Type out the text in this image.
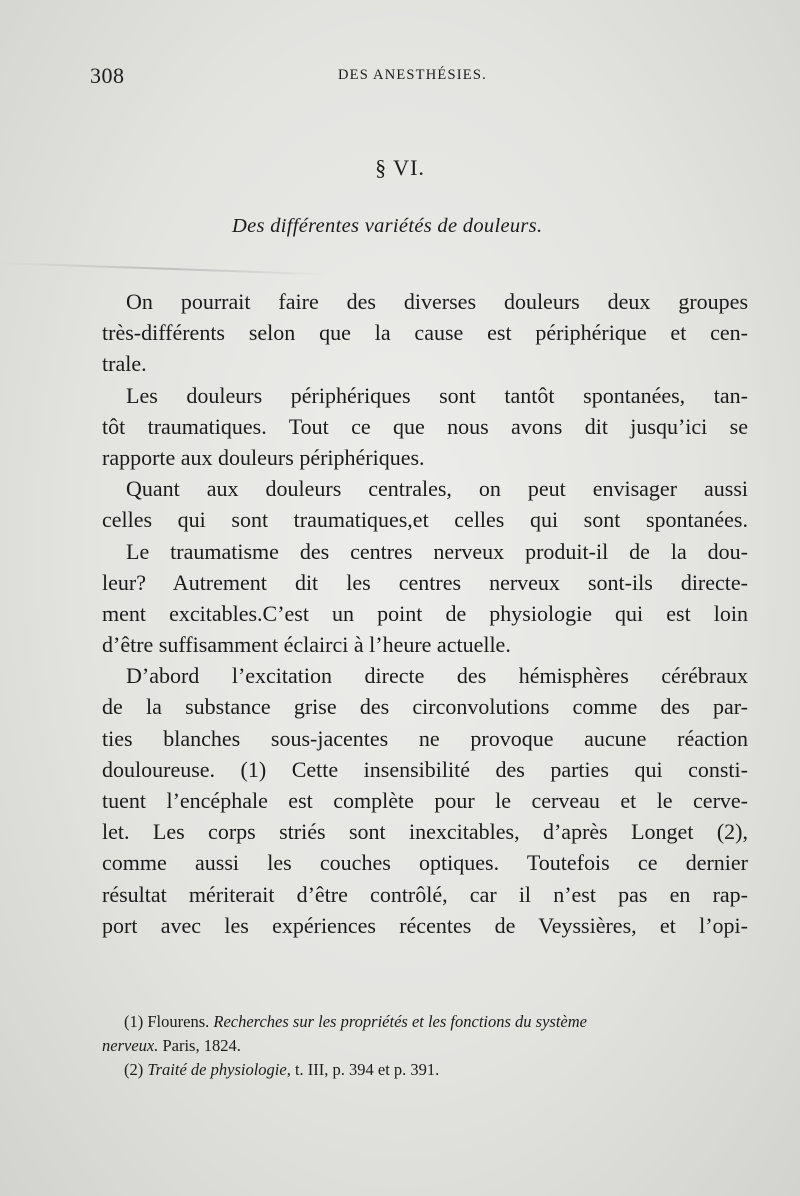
308	DES ANESTHÉSIES.
§ VI.
Des différentes variétés de douleurs.
On pourrait faire des diverses douleurs deux groupes
très-différents selon que la cause est périphérique et cen-
trale.
Les douleurs périphériques sont tantôt spontanées, tan-
tôt traumatiques. Tout ce que nous avons dit jusqu’ici se
rapporte aux douleurs périphériques.
Quant aux douleurs centrales, on peut envisager aussi
celles qui sont traumatiques,et celles qui sont spontanées.
Le traumatisme des centres nerveux produit-il de la dou-
leur? Autrement dit les centres nerveux sont-ils directe-
ment excitables.C’est un point de physiologie qui est loin
d’être suffisamment éclairci à l’heure actuelle.
D’abord l’excitation directe des hémisphères cérébraux
de la substance grise des circonvolutions comme des par-
ties blanches sous-jacentes ne provoque aucune réaction
douloureuse. (1) Cette insensibilité des parties qui consti-
tuent l’encéphale est complète pour le cerveau et le cerve-
let. Les corps striés sont inexcitables, d’après Longet (2),
comme aussi les couches optiques. Toutefois ce dernier
résultat mériterait d’être contrôlé, car il n’est pas en rap-
port avec les expériences récentes de Veyssières, et l’opi-
(1) Flourens. Recherches sur les propriétés et les fonctions du système
nerveux. Paris, 1824.
(2) Traité de physiologie, t. III, p. 394 et p. 391.
